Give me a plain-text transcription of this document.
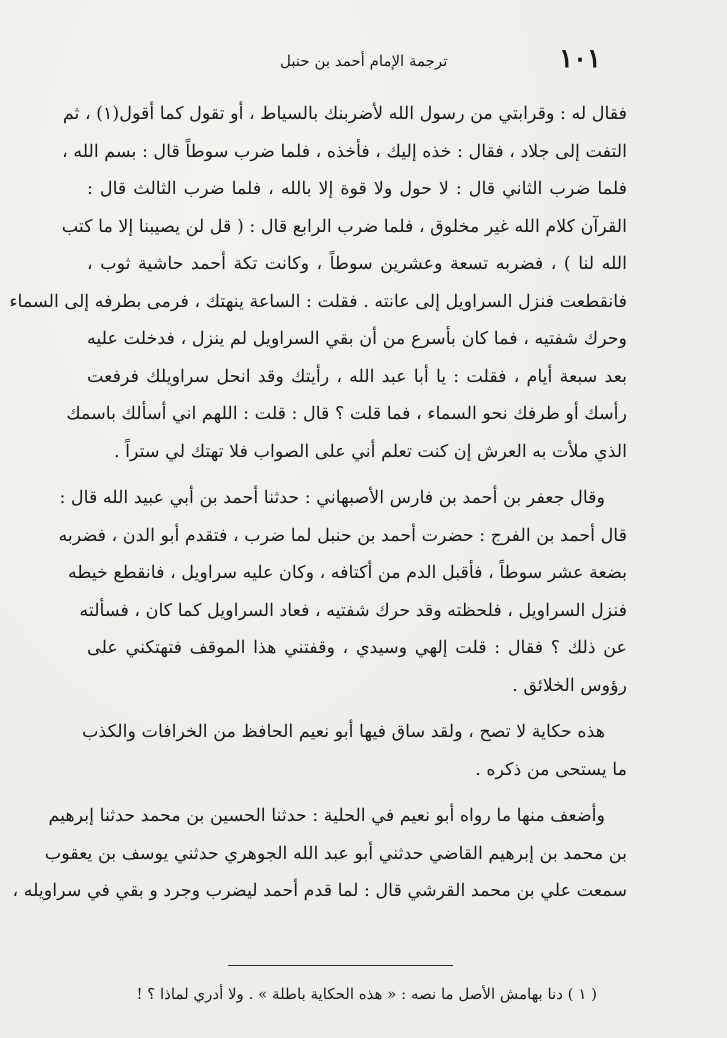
١٠١
ترجمة الإمام أحمد بن حنبل
فقال له : وقرابتي من رسول الله لأضربنك بالسياط ، أو تقول كما أقول(١) ، ثم
التفت إلى جلاد ، فقال : خذه إليك ، فأخذه ، فلما ضرب سوطاً قال : بسم الله ،
فلما ضرب الثاني قال : لا حول ولا قوة إلا بالله ، فلما ضرب الثالث قال :
القرآن كلام الله غير مخلوق ، فلما ضرب الرابع قال : ( قل لن يصيبنا إلا ما كتب
الله لنا ) ، فضربه تسعة وعشرين سوطاً ، وكانت تكة أحمد حاشية ثوب ،
فانقطعت فنزل السراويل إلى عانته . فقلت : الساعة ينهتك ، فرمى بطرفه إلى السماء
وحرك شفتيه ، فما كان بأسرع من أن بقي السراويل لم ينزل ، فدخلت عليه
بعد سبعة أيام ، فقلت : يا أبا عبد الله ، رأيتك وقد انحل سراويلك فرفعت
رأسك أو طرفك نحو السماء ، فما قلت ؟ قال : قلت : اللهم اني أسألك باسمك
الذي ملأت به العرش إن كنت تعلم أني على الصواب فلا تهتك لي ستراً .
وقال جعفر بن أحمد بن فارس الأصبهاني : حدثنا أحمد بن أبي عبيد الله قال :
قال أحمد بن الفرج : حضرت أحمد بن حنبل لما ضرب ، فتقدم أبو الدن ، فضربه
بضعة عشر سوطاً ، فأقبل الدم من أكتافه ، وكان عليه سراويل ، فانقطع خيطه
فنزل السراويل ، فلحظته وقد حرك شفتيه ، فعاد السراويل كما كان ، فسألته
عن ذلك ؟ فقال : قلت إلهي وسيدي ، وقفتني هذا الموقف فتهتكني على
رؤوس الخلائق .
هذه حكاية لا تصح ، ولقد ساق فيها أبو نعيم الحافظ من الخرافات والكذب
ما يستحى من ذكره .
وأضعف منها ما رواه أبو نعيم في الحلية : حدثنا الحسين بن محمد حدثنا إبرهيم
بن محمد بن إبرهيم القاضي حدثني أبو عبد الله الجوهري حدثني يوسف بن يعقوب
سمعت علي بن محمد القرشي قال : لما قدم أحمد ليضرب وجرد و بقي في سراويله ،
( ١ ) دنا بهامش الأصل ما نصه : « هذه الحكاية باطلة » . ولا أدري لماذا ؟ !
